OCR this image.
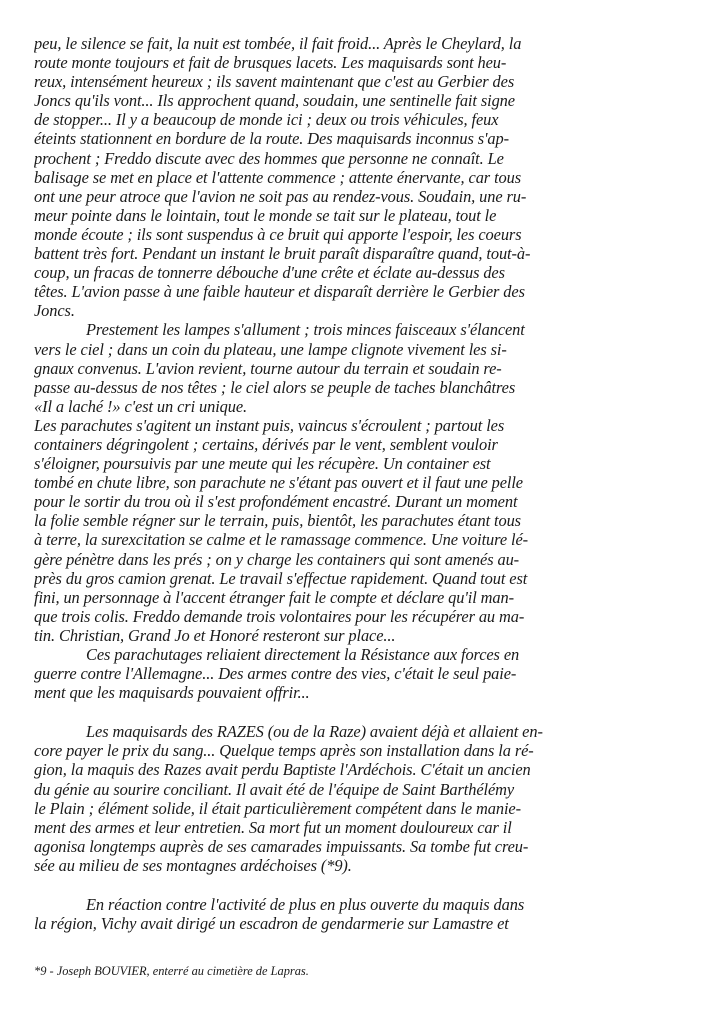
peu, le silence se fait, la nuit est tombée, il fait froid... Après le Cheylard, la
route monte toujours et fait de brusques lacets. Les maquisards sont heu-
reux, intensément heureux ; ils savent maintenant que c'est au Gerbier des
Joncs qu'ils vont... Ils approchent quand, soudain, une sentinelle fait signe
de stopper... Il y a beaucoup de monde ici ; deux ou trois véhicules, feux
éteints stationnent en bordure de la route. Des maquisards inconnus s'ap-
prochent ; Freddo discute avec des hommes que personne ne connaît. Le
balisage se met en place et l'attente commence ; attente énervante, car tous
ont une peur atroce que l'avion ne soit pas au rendez-vous. Soudain, une ru-
meur pointe dans le lointain, tout le monde se tait sur le plateau, tout le
monde écoute ; ils sont suspendus à ce bruit qui apporte l'espoir, les coeurs
battent très fort. Pendant un instant le bruit paraît disparaître quand, tout-à-
coup, un fracas de tonnerre débouche d'une crête et éclate au-dessus des
têtes. L'avion passe à une faible hauteur et disparaît derrière le Gerbier des
Joncs.

Prestement les lampes s'allument ; trois minces faisceaux s'élancent
vers le ciel ; dans un coin du plateau, une lampe clignote vivement les si-
gnaux convenus. L'avion revient, tourne autour du terrain et soudain re-
passe au-dessus de nos têtes ; le ciel alors se peuple de taches blanchâtres
«Il a laché !» c'est un cri unique.

Les parachutes s'agitent un instant puis, vaincus s'écroulent ; partout les
containers dégringolent ; certains, dérivés par le vent, semblent vouloir
s'éloigner, poursuivis par une meute qui les récupère. Un container est
tombé en chute libre, son parachute ne s'étant pas ouvert et il faut une pelle
pour le sortir du trou où il s'est profondément encastré. Durant un moment
la folie semble régner sur le terrain, puis, bientôt, les parachutes étant tous
à terre, la surexcitation se calme et le ramassage commence. Une voiture lé-
gère pénètre dans les prés ; on y charge les containers qui sont amenés au-
près du gros camion grenat. Le travail s'effectue rapidement. Quand tout est
fini, un personnage à l'accent étranger fait le compte et déclare qu'il man-
que trois colis. Freddo demande trois volontaires pour les récupérer au ma-
tin. Christian, Grand Jo et Honoré resteront sur place...

Ces parachutages reliaient directement la Résistance aux forces en
guerre contre l'Allemagne... Des armes contre des vies, c'était le seul paie-
ment que les maquisards pouvaient offrir...

Les maquisards des RAZES (ou de la Raze) avaient déjà et allaient en-
core payer le prix du sang... Quelque temps après son installation dans la ré-
gion, la maquis des Razes avait perdu Baptiste l'Ardéchois. C'était un ancien
du génie au sourire conciliant. Il avait été de l'équipe de Saint Barthélémy
le Plain ; élément solide, il était particulièrement compétent dans le manie-
ment des armes et leur entretien. Sa mort fut un moment douloureux car il
agonisa longtemps auprès de ses camarades impuissants. Sa tombe fut creu-
sée au milieu de ses montagnes ardéchoises (*9).

En réaction contre l'activité de plus en plus ouverte du maquis dans
la région, Vichy avait dirigé un escadron de gendarmerie sur Lamastre et

*9 - Joseph BOUVIER, enterré au cimetière de Lapras.
